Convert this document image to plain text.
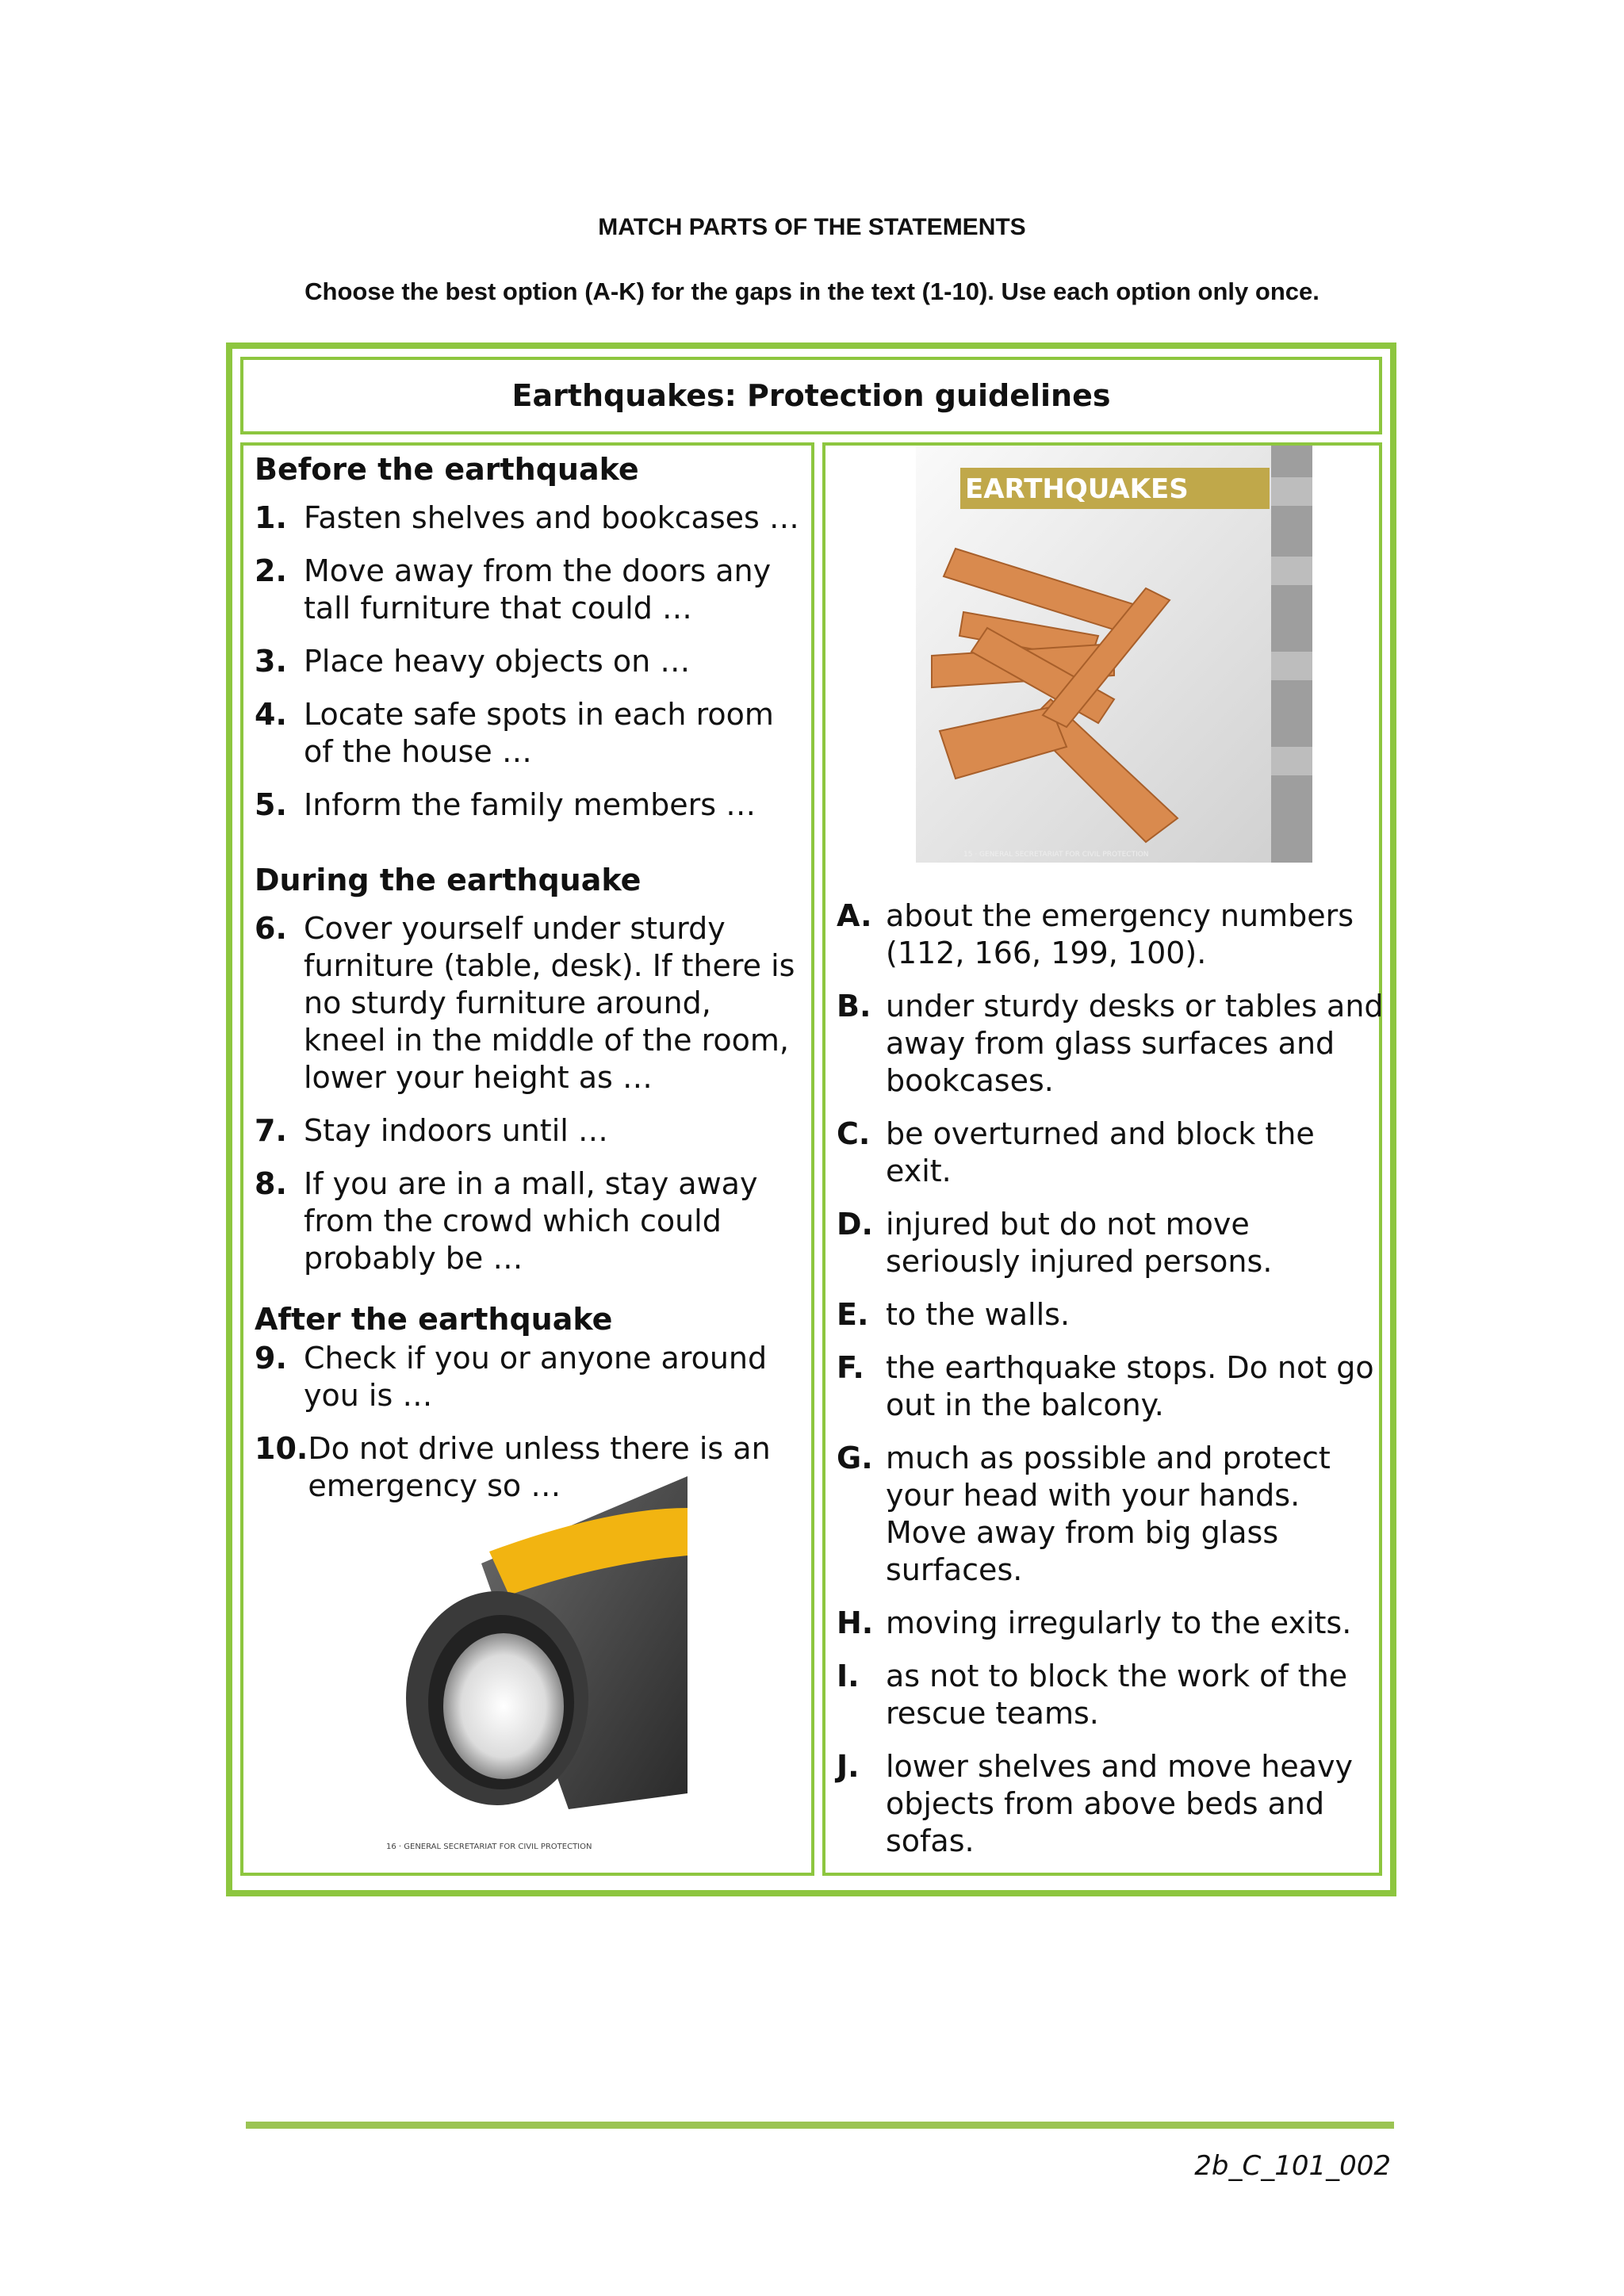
MATCH PARTS OF THE STATEMENTS

Choose the best option (A-K) for the gaps in the text (1-10). Use each option only once.

Earthquakes: Protection guidelines
Before the earthquake
1. Fasten shelves and bookcases …
2. Move away from the doors any tall furniture that could …
3. Place heavy objects on …
4. Locate safe spots in each room of the house …
5. Inform the family members …
During the earthquake
6. Cover yourself under sturdy furniture (table, desk). If there is no sturdy furniture around, kneel in the middle of the room, lower your height as …
7. Stay indoors until …
8. If you are in a mall, stay away from the crowd which could probably be …
After the earthquake
9. Check if you or anyone around you is …
10. Do not drive unless there is an emergency so …
16 · GENERAL SECRETARIAT FOR CIVIL PROTECTION
EARTHQUAKES
15 · GENERAL SECRETARIAT FOR CIVIL PROTECTION
A. about the emergency numbers (112, 166, 199, 100).
B. under sturdy desks or tables and away from glass surfaces and bookcases.
C. be overturned and block the exit.
D. injured but do not move seriously injured persons.
E. to the walls.
F. the earthquake stops. Do not go out in the balcony.
G. much as possible and protect your head with your hands. Move away from big glass surfaces.
H. moving irregularly to the exits.
I. as not to block the work of the rescue teams.
J. lower shelves and move heavy objects from above beds and sofas.

2b_C_101_002
